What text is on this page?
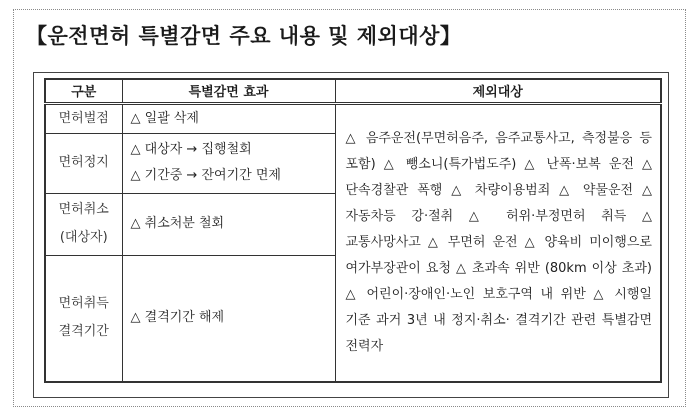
【운전면허 특별감면 주요 내용 및 제외대상】
구분	특별감면 효과	제외대상
면허벌점	△ 일괄 삭제	△ 음주운전(무면허음주, 음주교통사고, 측정불응 등 포함) △ 뺑소니(특가법도주) △ 난폭·보복 운전 △ 단속경찰관 폭행 △ 차량이용범죄 △ 약물운전 △ 자동차등 강·절취 △ 허위·부정면허 취득 △ 교통사망사고 △ 무면허 운전 △ 양육비 미이행으로 여가부장관이 요청 △ 초과속 위반 (80km 이상 초과) △ 어린이·장애인·노인 보호구역 내 위반 △ 시행일 기준 과거 3년 내 정지·취소· 결격기간 관련 특별감면 전력자
면허정지	△ 대상자 → 집행철회
△ 기간중 → 잔여기간 면제	

면허취소
(대상자)	△ 취소처분 철회	

면허취득
결격기간	△ 결격기간 해제	
